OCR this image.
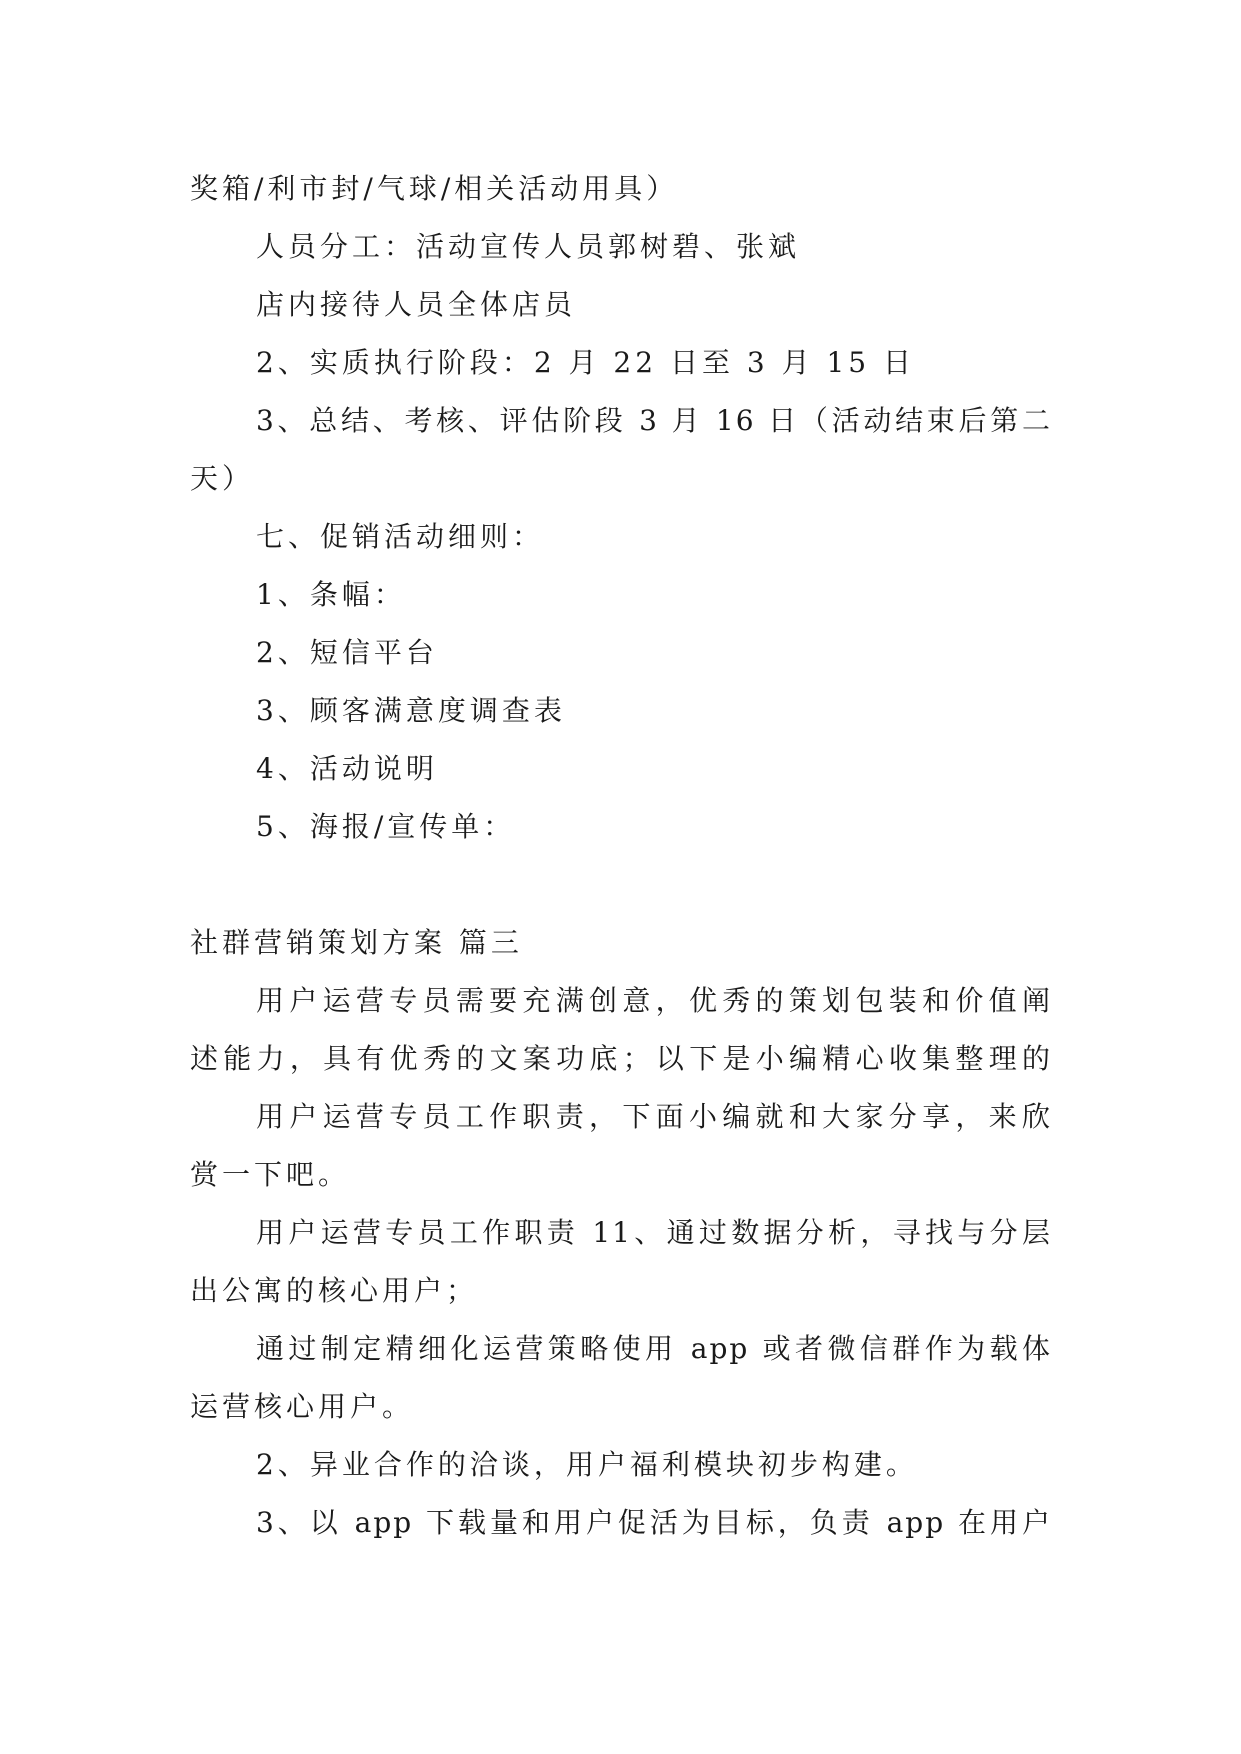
奖箱/利市封/气球/相关活动用具）
人员分工：活动宣传人员郭树碧、张斌
店内接待人员全体店员
2、实质执行阶段：2 月 22 日至 3 月 15 日
3、总结、考核、评估阶段 3 月 16 日（活动结束后第二
天）
七、促销活动细则：
1、条幅：
2、短信平台
3、顾客满意度调查表
4、活动说明
5、海报/宣传单：
社群营销策划方案 篇三
用户运营专员需要充满创意，优秀的策划包装和价值阐
述能力，具有优秀的文案功底；以下是小编精心收集整理的
用户运营专员工作职责，下面小编就和大家分享，来欣
赏一下吧。
用户运营专员工作职责 11、通过数据分析，寻找与分层
出公寓的核心用户；
通过制定精细化运营策略使用 app 或者微信群作为载体
运营核心用户。
2、异业合作的洽谈，用户福利模块初步构建。
3、以 app 下载量和用户促活为目标，负责 app 在用户
